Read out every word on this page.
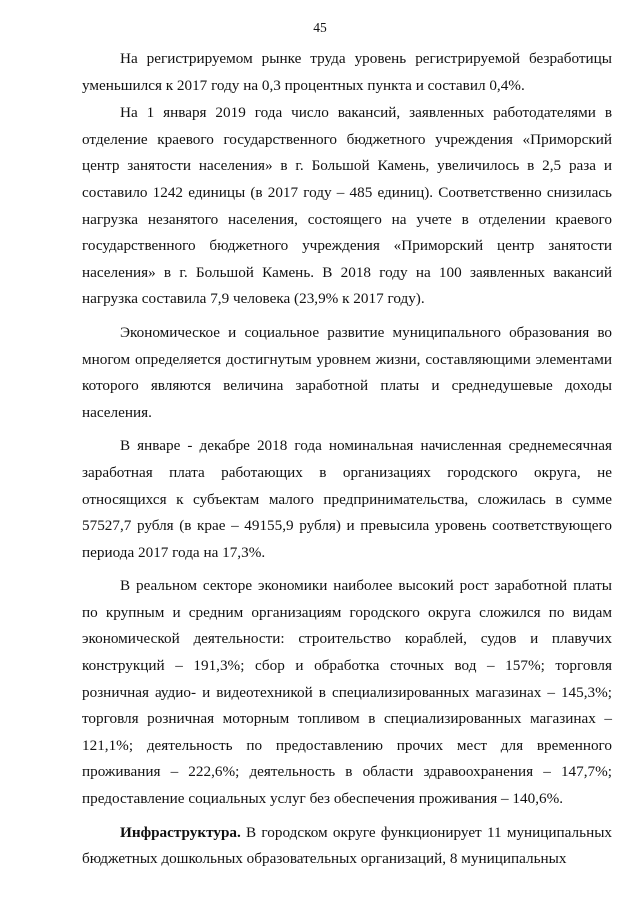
45

На регистрируемом рынке труда уровень регистрируемой безработицы уменьшился к 2017 году на 0,3 процентных пункта и составил 0,4%.

На 1 января 2019 года число вакансий, заявленных работодателями в отделение краевого государственного бюджетного учреждения «Приморский центр занятости населения» в г. Большой Камень, увеличилось в 2,5 раза и составило 1242 единицы (в 2017 году – 485 единиц). Соответственно снизилась нагрузка незанятого населения, состоящего на учете в отделении краевого государственного бюджетного учреждения «Приморский центр занятости населения» в г. Большой Камень. В 2018 году на 100 заявленных вакансий нагрузка составила 7,9 человека (23,9% к 2017 году).

Экономическое и социальное развитие муниципального образования во многом определяется достигнутым уровнем жизни, составляющими элементами которого являются величина заработной платы и среднедушевые доходы населения.

В январе - декабре 2018 года номинальная начисленная среднемесячная заработная плата работающих в организациях городского округа, не относящихся к субъектам малого предпринимательства, сложилась в сумме 57527,7 рубля (в крае – 49155,9 рубля) и превысила уровень соответствующего периода 2017 года на 17,3%.

В реальном секторе экономики наиболее высокий рост заработной платы по крупным и средним организациям городского округа сложился по видам экономической деятельности: строительство кораблей, судов и плавучих конструкций – 191,3%; сбор и обработка сточных вод – 157%; торговля розничная аудио- и видеотехникой в специализированных магазинах – 145,3%; торговля розничная моторным топливом в специализированных магазинах – 121,1%; деятельность по предоставлению прочих мест для временного проживания – 222,6%; деятельность в области здравоохранения – 147,7%; предоставление социальных услуг без обеспечения проживания – 140,6%.

Инфраструктура. В городском округе функционирует 11 муниципальных бюджетных дошкольных образовательных организаций, 8 муниципальных
